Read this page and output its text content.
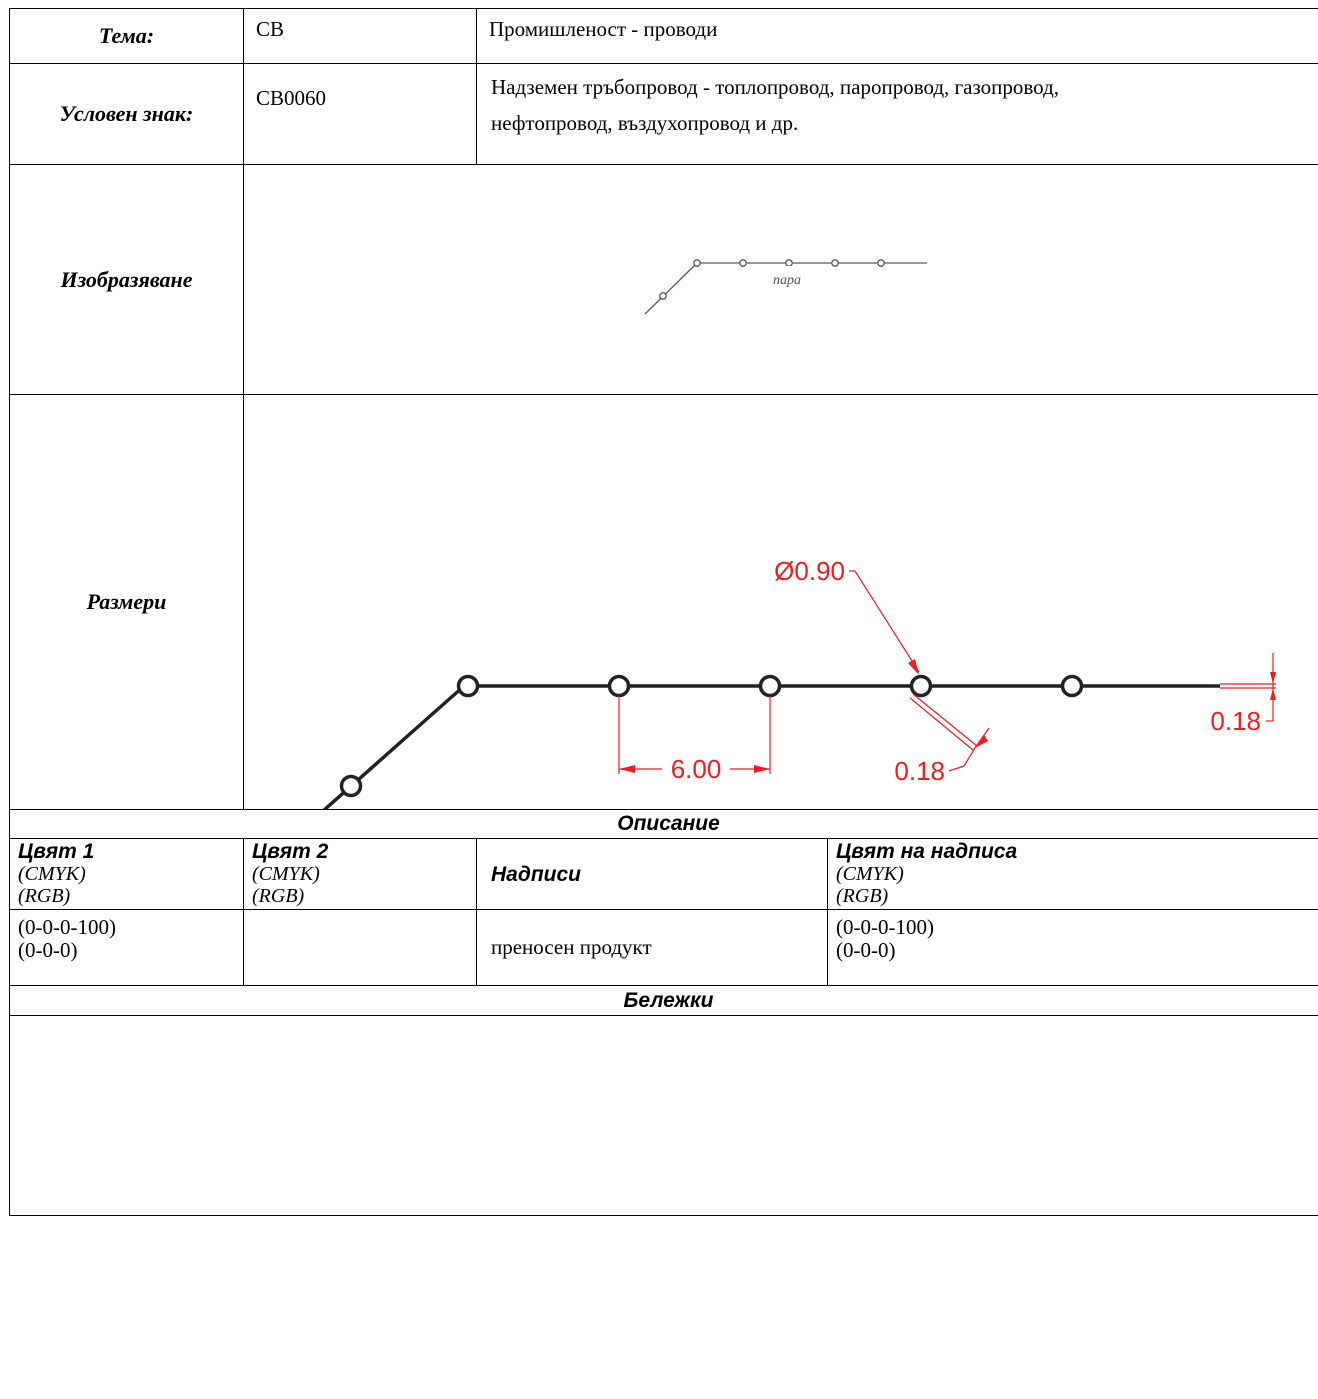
Тема:	СВ	Промишленост - проводи	
Условен знак:	СВ0060	Надземен тръбопровод - топлопровод, паропровод, газопровод,
нефтопровод, въздухопровод и др.	

Изобразяване	пара		

Размери	Ø0.90
6.00 0.18
0.18		

Описание			

Цвят 1
(CMYK)
(RGB)	Цвят 2
(CMYK)
(RGB)	Надписи	Цвят на надписа
(CMYK)
(RGB)

(0-0-0-100)
(0-0-0)		преносен продукт	(0-0-0-100)
(0-0-0)

Бележки			
